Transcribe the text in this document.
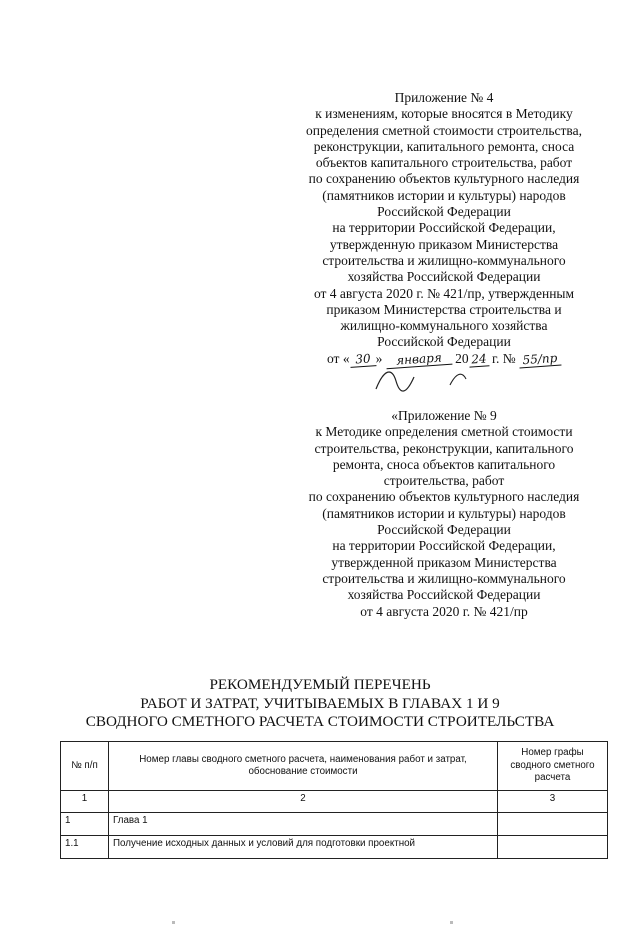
Приложение № 4
к изменениям, которые вносятся в Методику
определения сметной стоимости строительства,
реконструкции, капитального ремонта, сноса
объектов капитального строительства, работ
по сохранению объектов культурного наследия
(памятников истории и культуры) народов
Российской Федерации
на территории Российской Федерации,
утвержденную приказом Министерства
строительства и жилищно-коммунального
хозяйства Российской Федерации
от 4 августа 2020 г. № 421/пр, утвержденным
приказом Министерства строительства и
жилищно-коммунального хозяйства
Российской Федерации
от « 30 » января 20 24 г. № 55/пр
«Приложение № 9
к Методике определения сметной стоимости
строительства, реконструкции, капитального
ремонта, сноса объектов капитального
строительства, работ
по сохранению объектов культурного наследия
(памятников истории и культуры) народов
Российской Федерации
на территории Российской Федерации,
утвержденной приказом Министерства
строительства и жилищно-коммунального
хозяйства Российской Федерации
от 4 августа 2020 г. № 421/пр
РЕКОМЕНДУЕМЫЙ ПЕРЕЧЕНЬ
РАБОТ И ЗАТРАТ, УЧИТЫВАЕМЫХ В ГЛАВАХ 1 И 9
СВОДНОГО СМЕТНОГО РАСЧЕТА СТОИМОСТИ СТРОИТЕЛЬСТВА
№ п/п	Номер главы сводного сметного расчета, наименования работ и затрат, обоснование стоимости	Номер графы сводного сметного расчета
1	2	3
1	Глава 1	
1.1	Получение исходных данных и условий для подготовки проектной	
